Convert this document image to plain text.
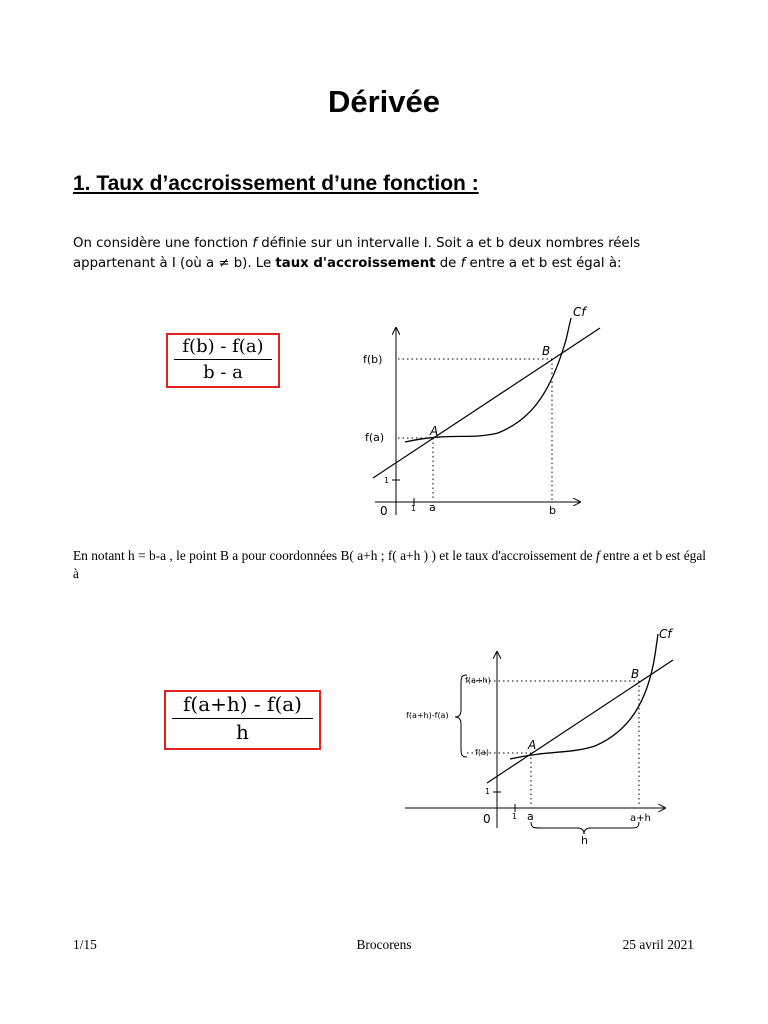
Dérivée
1. Taux d’accroissement d’une fonction :
On considère une fonction f définie sur un intervalle I. Soit a et b deux nombres réels appartenant à I (où a ≠ b). Le taux d'accroissement de f entre a et b est égal à:
f(b) - f(a)
b - a
Cf
f(b)
f(a)
B
A
1
0	1 a	b
En notant h = b-a , le point B a pour coordonnées B( a+h ; f( a+h ) ) et le taux d'accroissement de f entre a et b est égal à
f(a+h) - f(a)
h
Cf
f(a+h)
f(a+h)-f(a)
f(a)
B
A
1
0	1 a	a+h
h
1/15	Brocorens	25 avril 2021
